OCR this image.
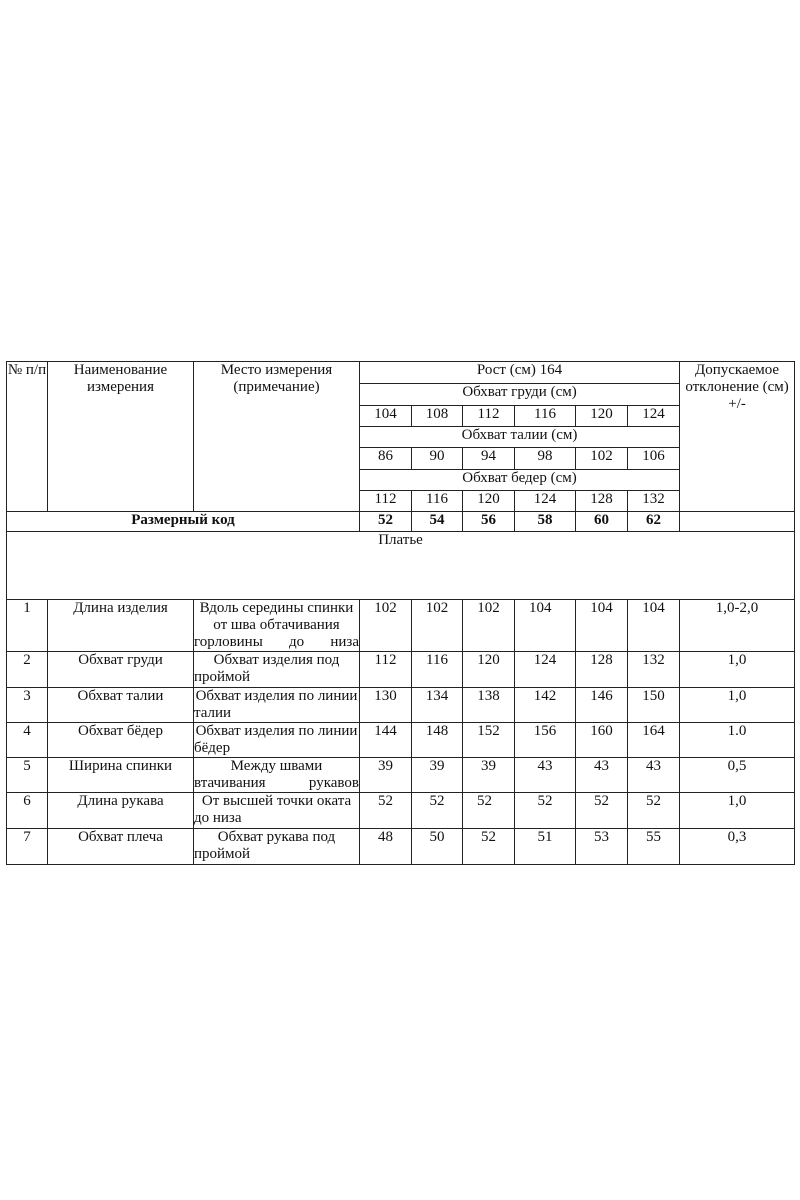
№ п/п	Наименование измерения	Место измерения (примечание)	Рост (см) 164						Допускаемое отклонение (см) +/-
			Обхват груди (см)						
			104	108	112	116	120	124	
			Обхват талии (см)						
			86	90	94	98	102	106	
			Обхват бедер (см)						
			112	116	120	124	128	132	
Размерный код			52	54	56	58	60	62	
Платье									
1	Длина изделия	Вдоль середины спинки от шва обтачивания горловины до низа	102	102	102	104	104	104	1,0-2,0
2	Обхват груди	Обхват изделия под проймой	112	116	120	124	128	132	1,0
3	Обхват талии	Обхват изделия по линии талии	130	134	138	142	146	150	1,0
4	Обхват бёдер	Обхват изделия по линии бёдер	144	148	152	156	160	164	1.0
5	Ширина спинки	Между швами втачивания рукавов	39	39	39	43	43	43	0,5
6	Длина рукава	От высшей точки оката до низа	52	52	52	52	52	52	1,0
7	Обхват плеча	Обхват рукава под проймой	48	50	52	51	53	55	0,3
